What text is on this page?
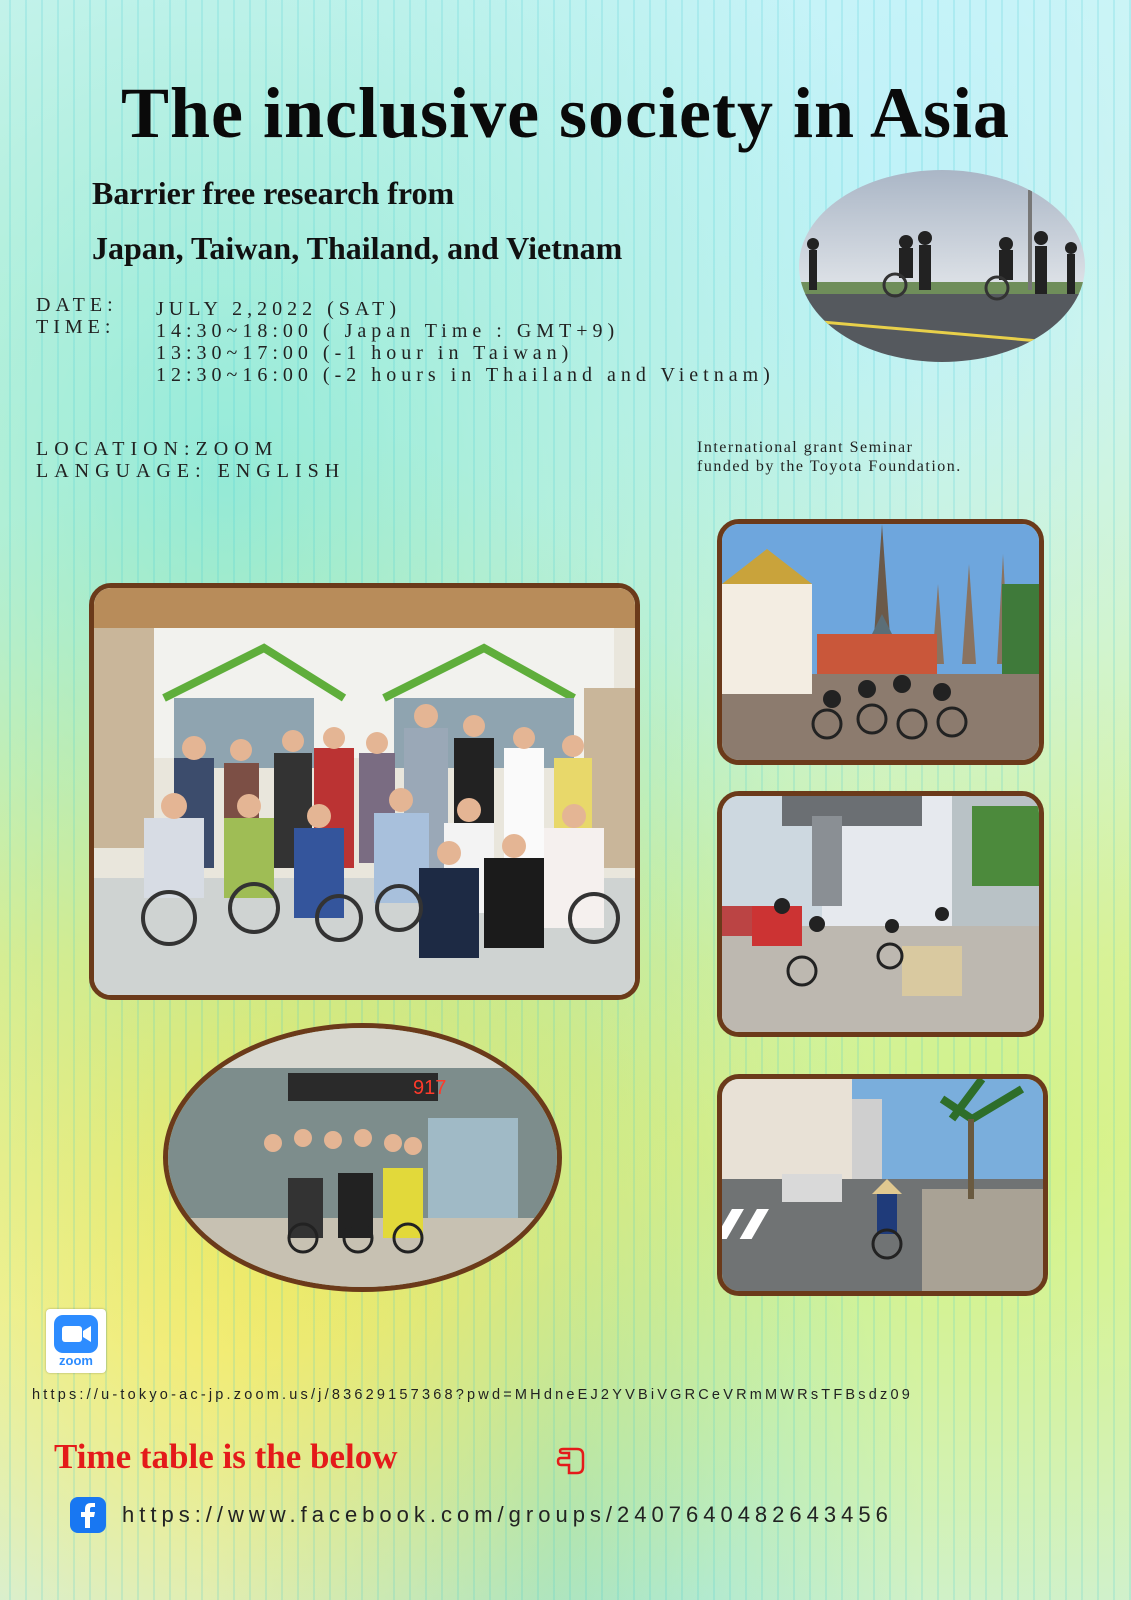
The inclusive society in Asia
Barrier free research from
Japan, Taiwan, Thailand, and Vietnam
DATE:
TIME:
JULY 2,2022 (SAT)
14:30~18:00 ( Japan Time : GMT+9)
13:30~17:00 (-1 hour in Taiwan)
12:30~16:00 (-2 hours in Thailand and Vietnam)
LOCATION:ZOOM
LANGUAGE: ENGLISH
International grant Seminar
funded by the Toyota Foundation.
917
zoom
https://u-tokyo-ac-jp.zoom.us/j/83629157368?pwd=MHdneEJ2YVBiVGRCeVRmMWRsTFBsdz09
Time table is the below
https://www.facebook.com/groups/2407640482643456
